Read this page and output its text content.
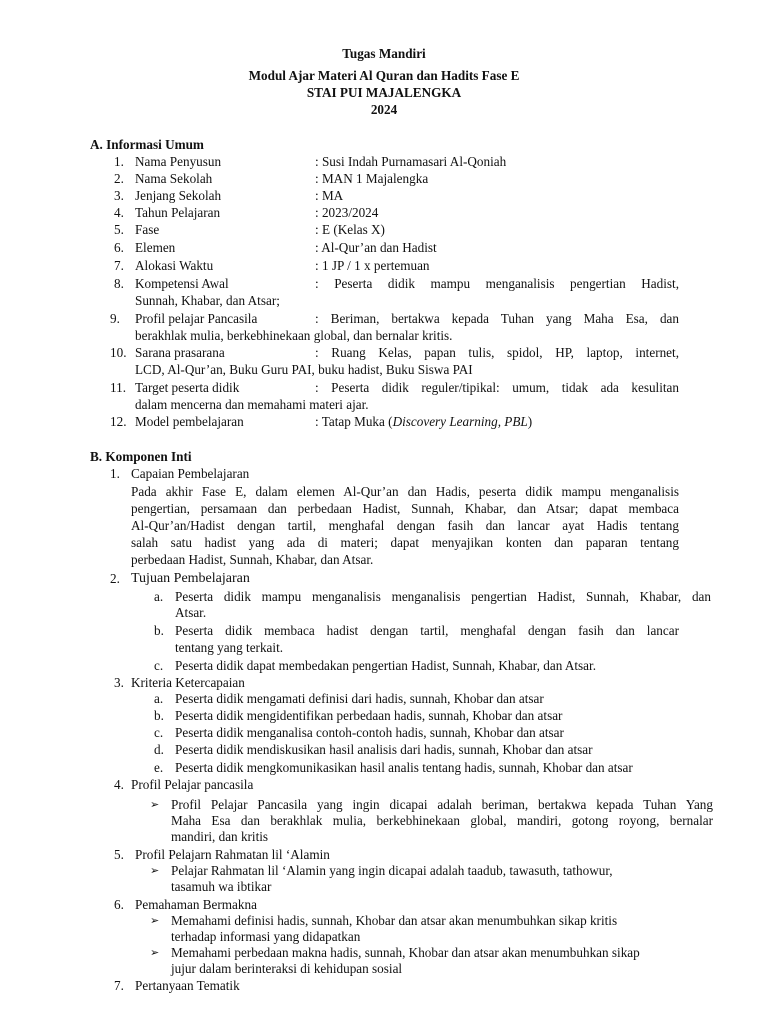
Tugas Mandiri
Modul Ajar Materi Al Quran dan Hadits Fase E
STAI PUI MAJALENGKA
2024
A. Informasi Umum
1. Nama Penyusun	: Susi Indah Purnamasari Al-Qoniah
2. Nama Sekolah	: MAN 1 Majalengka
3. Jenjang Sekolah	: MA
4. Tahun Pelajaran	: 2023/2024
5. Fase	: E (Kelas X)
6. Elemen	: Al-Qur’an dan Hadist
7. Alokasi Waktu	: 1 JP / 1 x pertemuan
8. Kompetensi Awal	: Peserta didik mampu menganalisis pengertian Hadist,
Sunnah, Khabar, dan Atsar;
9. Profil pelajar Pancasila	: Beriman, bertakwa kepada Tuhan yang Maha Esa, dan
berakhlak mulia, berkebhinekaan global, dan bernalar kritis.
10. Sarana prasarana	: Ruang Kelas, papan tulis, spidol, HP, laptop, internet,
LCD, Al-Qur’an, Buku Guru PAI, buku hadist, Buku Siswa PAI
11. Target peserta didik	: Peserta didik reguler/tipikal: umum, tidak ada kesulitan
dalam mencerna dan memahami materi ajar.
12. Model pembelajaran	: Tatap Muka (Discovery Learning, PBL)
B. Komponen Inti
1. Capaian Pembelajaran
Pada akhir Fase E, dalam elemen Al-Qur’an dan Hadis, peserta didik mampu menganalisis
pengertian, persamaan dan perbedaan Hadist, Sunnah, Khabar, dan Atsar; dapat membaca
Al-Qur’an/Hadist dengan tartil, menghafal dengan fasih dan lancar ayat Hadis tentang
salah satu hadist yang ada di materi; dapat menyajikan konten dan paparan tentang
perbedaan Hadist, Sunnah, Khabar, dan Atsar.
2. Tujuan Pembelajaran
a. Peserta didik mampu menganalisis menganalisis pengertian Hadist, Sunnah, Khabar, dan
Atsar.
b. Peserta didik membaca hadist dengan tartil, menghafal dengan fasih dan lancar
tentang yang terkait.
c. Peserta didik dapat membedakan pengertian Hadist, Sunnah, Khabar, dan Atsar.
3. Kriteria Ketercapaian
a. Peserta didik mengamati definisi dari hadis, sunnah, Khobar dan atsar
b. Peserta didik mengidentifikan perbedaan hadis, sunnah, Khobar dan atsar
c. Peserta didik menganalisa contoh-contoh hadis, sunnah, Khobar dan atsar
d. Peserta didik mendiskusikan hasil analisis dari hadis, sunnah, Khobar dan atsar
e. Peserta didik mengkomunikasikan hasil analis tentang hadis, sunnah, Khobar dan atsar
4. Profil Pelajar pancasila
➢ Profil Pelajar Pancasila yang ingin dicapai adalah beriman, bertakwa kepada Tuhan Yang
Maha Esa dan berakhlak mulia, berkebhinekaan global, mandiri, gotong royong, bernalar
mandiri, dan kritis
5. Profil Pelajarn Rahmatan lil ‘Alamin
➢ Pelajar Rahmatan lil ‘Alamin yang ingin dicapai adalah taadub, tawasuth, tathowur,
tasamuh wa ibtikar
6. Pemahaman Bermakna
➢ Memahami definisi hadis, sunnah, Khobar dan atsar akan menumbuhkan sikap kritis
terhadap informasi yang didapatkan
➢ Memahami perbedaan makna hadis, sunnah, Khobar dan atsar akan menumbuhkan sikap
jujur dalam berinteraksi di kehidupan sosial
7. Pertanyaan Tematik
